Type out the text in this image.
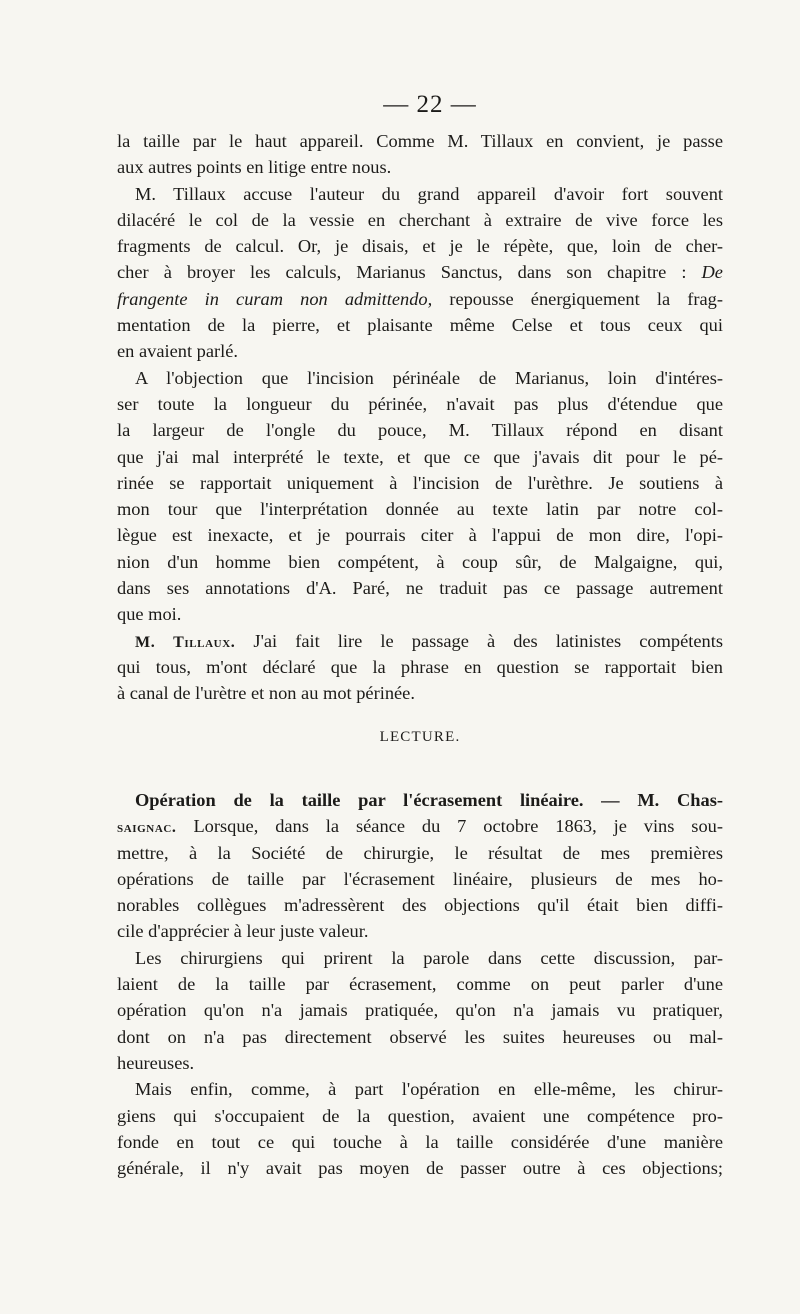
— 22 —
la taille par le haut appareil. Comme M. Tillaux en convient, je passe
aux autres points en litige entre nous.
M. Tillaux accuse l'auteur du grand appareil d'avoir fort souvent
dilacéré le col de la vessie en cherchant à extraire de vive force les
fragments de calcul. Or, je disais, et je le répète, que, loin de cher-
cher à broyer les calculs, Marianus Sanctus, dans son chapitre : De
frangente in curam non admittendo, repousse énergiquement la frag-
mentation de la pierre, et plaisante même Celse et tous ceux qui
en avaient parlé.
A l'objection que l'incision périnéale de Marianus, loin d'intéres-
ser toute la longueur du périnée, n'avait pas plus d'étendue que
la largeur de l'ongle du pouce, M. Tillaux répond en disant
que j'ai mal interprété le texte, et que ce que j'avais dit pour le pé-
rinée se rapportait uniquement à l'incision de l'urèthre. Je soutiens à
mon tour que l'interprétation donnée au texte latin par notre col-
lègue est inexacte, et je pourrais citer à l'appui de mon dire, l'opi-
nion d'un homme bien compétent, à coup sûr, de Malgaigne, qui,
dans ses annotations d'A. Paré, ne traduit pas ce passage autrement
que moi.
M. Tillaux. J'ai fait lire le passage à des latinistes compétents
qui tous, m'ont déclaré que la phrase en question se rapportait bien
à canal de l'urètre et non au mot périnée.
LECTURE.
Opération de la taille par l'écrasement linéaire. — M. Chas-
saignac. Lorsque, dans la séance du 7 octobre 1863, je vins sou-
mettre, à la Société de chirurgie, le résultat de mes premières
opérations de taille par l'écrasement linéaire, plusieurs de mes ho-
norables collègues m'adressèrent des objections qu'il était bien diffi-
cile d'apprécier à leur juste valeur.
Les chirurgiens qui prirent la parole dans cette discussion, par-
laient de la taille par écrasement, comme on peut parler d'une
opération qu'on n'a jamais pratiquée, qu'on n'a jamais vu pratiquer,
dont on n'a pas directement observé les suites heureuses ou mal-
heureuses.
Mais enfin, comme, à part l'opération en elle-même, les chirur-
giens qui s'occupaient de la question, avaient une compétence pro-
fonde en tout ce qui touche à la taille considérée d'une manière
générale, il n'y avait pas moyen de passer outre à ces objections;
